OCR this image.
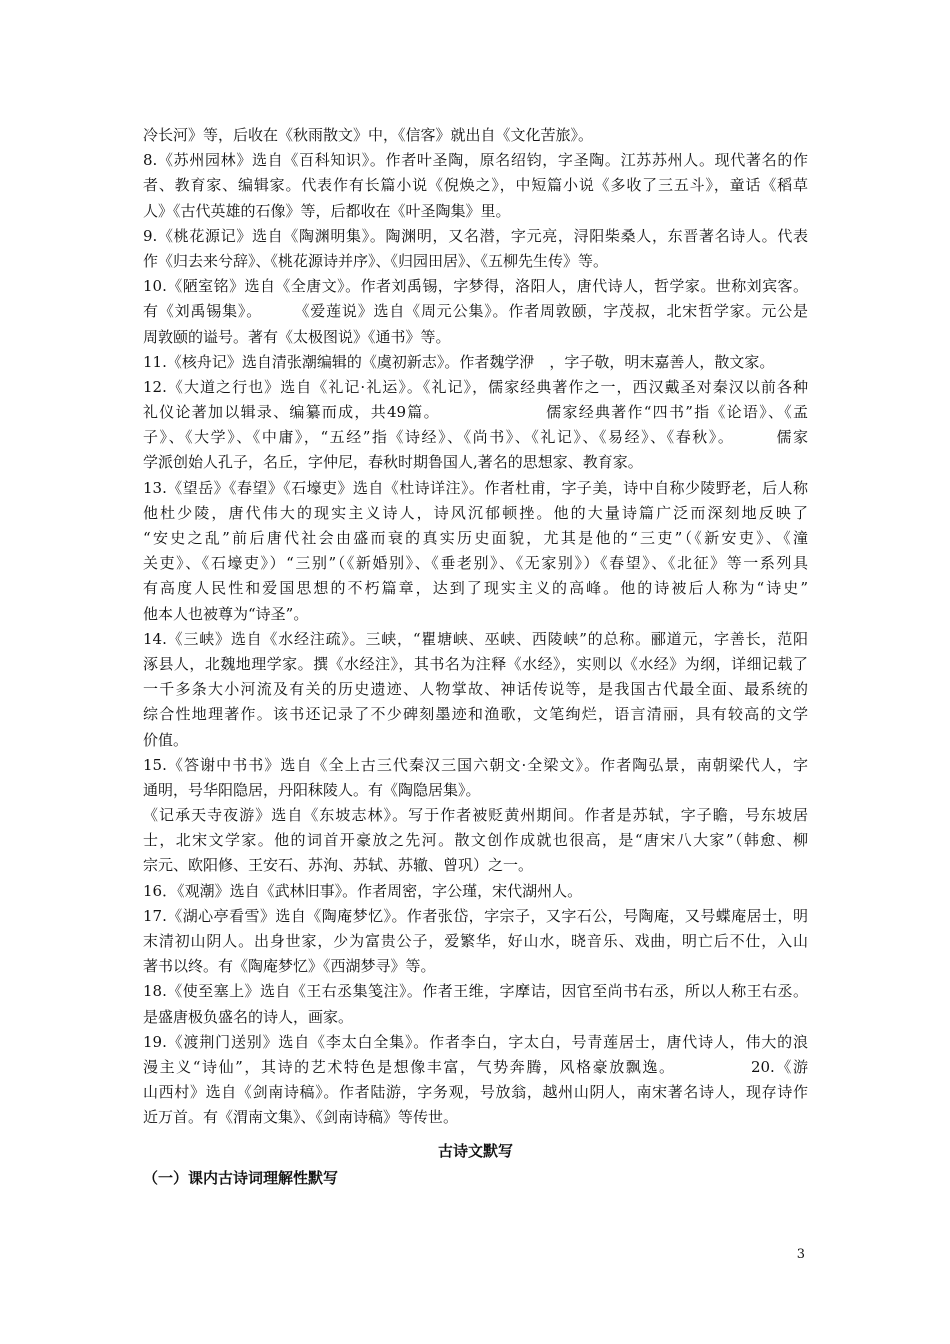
冷长河》等，后收在《秋雨散文》中，《信客》就出自《文化苦旅》。
8.《苏州园林》选自《百科知识》。作者叶圣陶，原名绍钧，字圣陶。江苏苏州人。现代著名的作
者、教育家、编辑家。代表作有长篇小说《倪焕之》，中短篇小说《多收了三五斗》，童话《稻草
人》《古代英雄的石像》等，后都收在《叶圣陶集》里。
9.《桃花源记》选自《陶渊明集》。陶渊明，又名潜，字元亮，浔阳柴桑人，东晋著名诗人。代表
作《归去来兮辞》、《桃花源诗并序》、《归园田居》、《五柳先生传》等。
10.《陋室铭》选自《全唐文》。作者刘禹锡，字梦得，洛阳人，唐代诗人，哲学家。世称刘宾客。
有《刘禹锡集》。　　　《爱莲说》选自《周元公集》。作者周敦颐，字茂叔，北宋哲学家。元公是
周敦颐的谥号。著有《太极图说》《通书》等。
11.《核舟记》选自清张潮编辑的《虞初新志》。作者魏学洢　，字子敬，明末嘉善人，散文家。
12.《大道之行也》选自《礼记·礼运》。《礼记》，儒家经典著作之一，西汉戴圣对秦汉以前各种
礼仪论著加以辑录、编纂而成，共49篇。　　　　　　　儒家经典著作“四书”指《论语》、《孟
子》、《大学》、《中庸》，“五经”指《诗经》、《尚书》、《礼记》、《易经》、《春秋》。　　　儒家
学派创始人孔子，名丘，字仲尼，春秋时期鲁国人,著名的思想家、教育家。
13.《望岳》《春望》《石壕吏》选自《杜诗详注》。作者杜甫，字子美，诗中自称少陵野老，后人称
他杜少陵，唐代伟大的现实主义诗人，诗风沉郁顿挫。他的大量诗篇广泛而深刻地反映了
“安史之乱”前后唐代社会由盛而衰的真实历史面貌，尤其是他的“三吏”（《新安吏》、《潼
关吏》、《石壕吏》）“三别”（《新婚别》、《垂老别》、《无家别》）《春望》、《北征》等一系列具
有高度人民性和爱国思想的不朽篇章，达到了现实主义的高峰。他的诗被后人称为“诗史”
他本人也被尊为“诗圣”。
14.《三峡》选自《水经注疏》。三峡，“瞿塘峡、巫峡、西陵峡”的总称。郦道元，字善长，范阳
涿县人，北魏地理学家。撰《水经注》，其书名为注释《水经》，实则以《水经》为纲，详细记载了
一千多条大小河流及有关的历史遗迹、人物掌故、神话传说等，是我国古代最全面、最系统的
综合性地理著作。该书还记录了不少碑刻墨迹和渔歌，文笔绚烂，语言清丽，具有较高的文学
价值。
15.《答谢中书书》选自《全上古三代秦汉三国六朝文·全梁文》。作者陶弘景，南朝梁代人，字
通明，号华阳隐居，丹阳秣陵人。有《陶隐居集》。
《记承天寺夜游》选自《东坡志林》。写于作者被贬黄州期间。作者是苏轼，字子瞻，号东坡居
士，北宋文学家。他的词首开豪放之先河。散文创作成就也很高，是“唐宋八大家”（韩愈、柳
宗元、欧阳修、王安石、苏洵、苏轼、苏辙、曾巩）之一。
16．《观潮》选自《武林旧事》。作者周密，字公瑾，宋代湖州人。
17.《湖心亭看雪》选自《陶庵梦忆》。作者张岱，字宗子，又字石公，号陶庵，又号蝶庵居士，明
末清初山阴人。出身世家，少为富贵公子，爱繁华，好山水，晓音乐、戏曲，明亡后不仕，入山
著书以终。有《陶庵梦忆》《西湖梦寻》等。
18.《使至塞上》选自《王右丞集笺注》。作者王维，字摩诘，因官至尚书右丞，所以人称王右丞。
是盛唐极负盛名的诗人，画家。
19.《渡荆门送别》选自《李太白全集》。作者李白，字太白，号青莲居士，唐代诗人，伟大的浪
漫主义“诗仙”，其诗的艺术特色是想像丰富，气势奔腾，风格豪放飘逸。　　　　　20.《游
山西村》选自《剑南诗稿》。作者陆游，字务观，号放翁，越州山阴人，南宋著名诗人，现存诗作
近万首。有《渭南文集》、《剑南诗稿》等传世。
古诗文默写
（一）课内古诗词理解性默写
3
